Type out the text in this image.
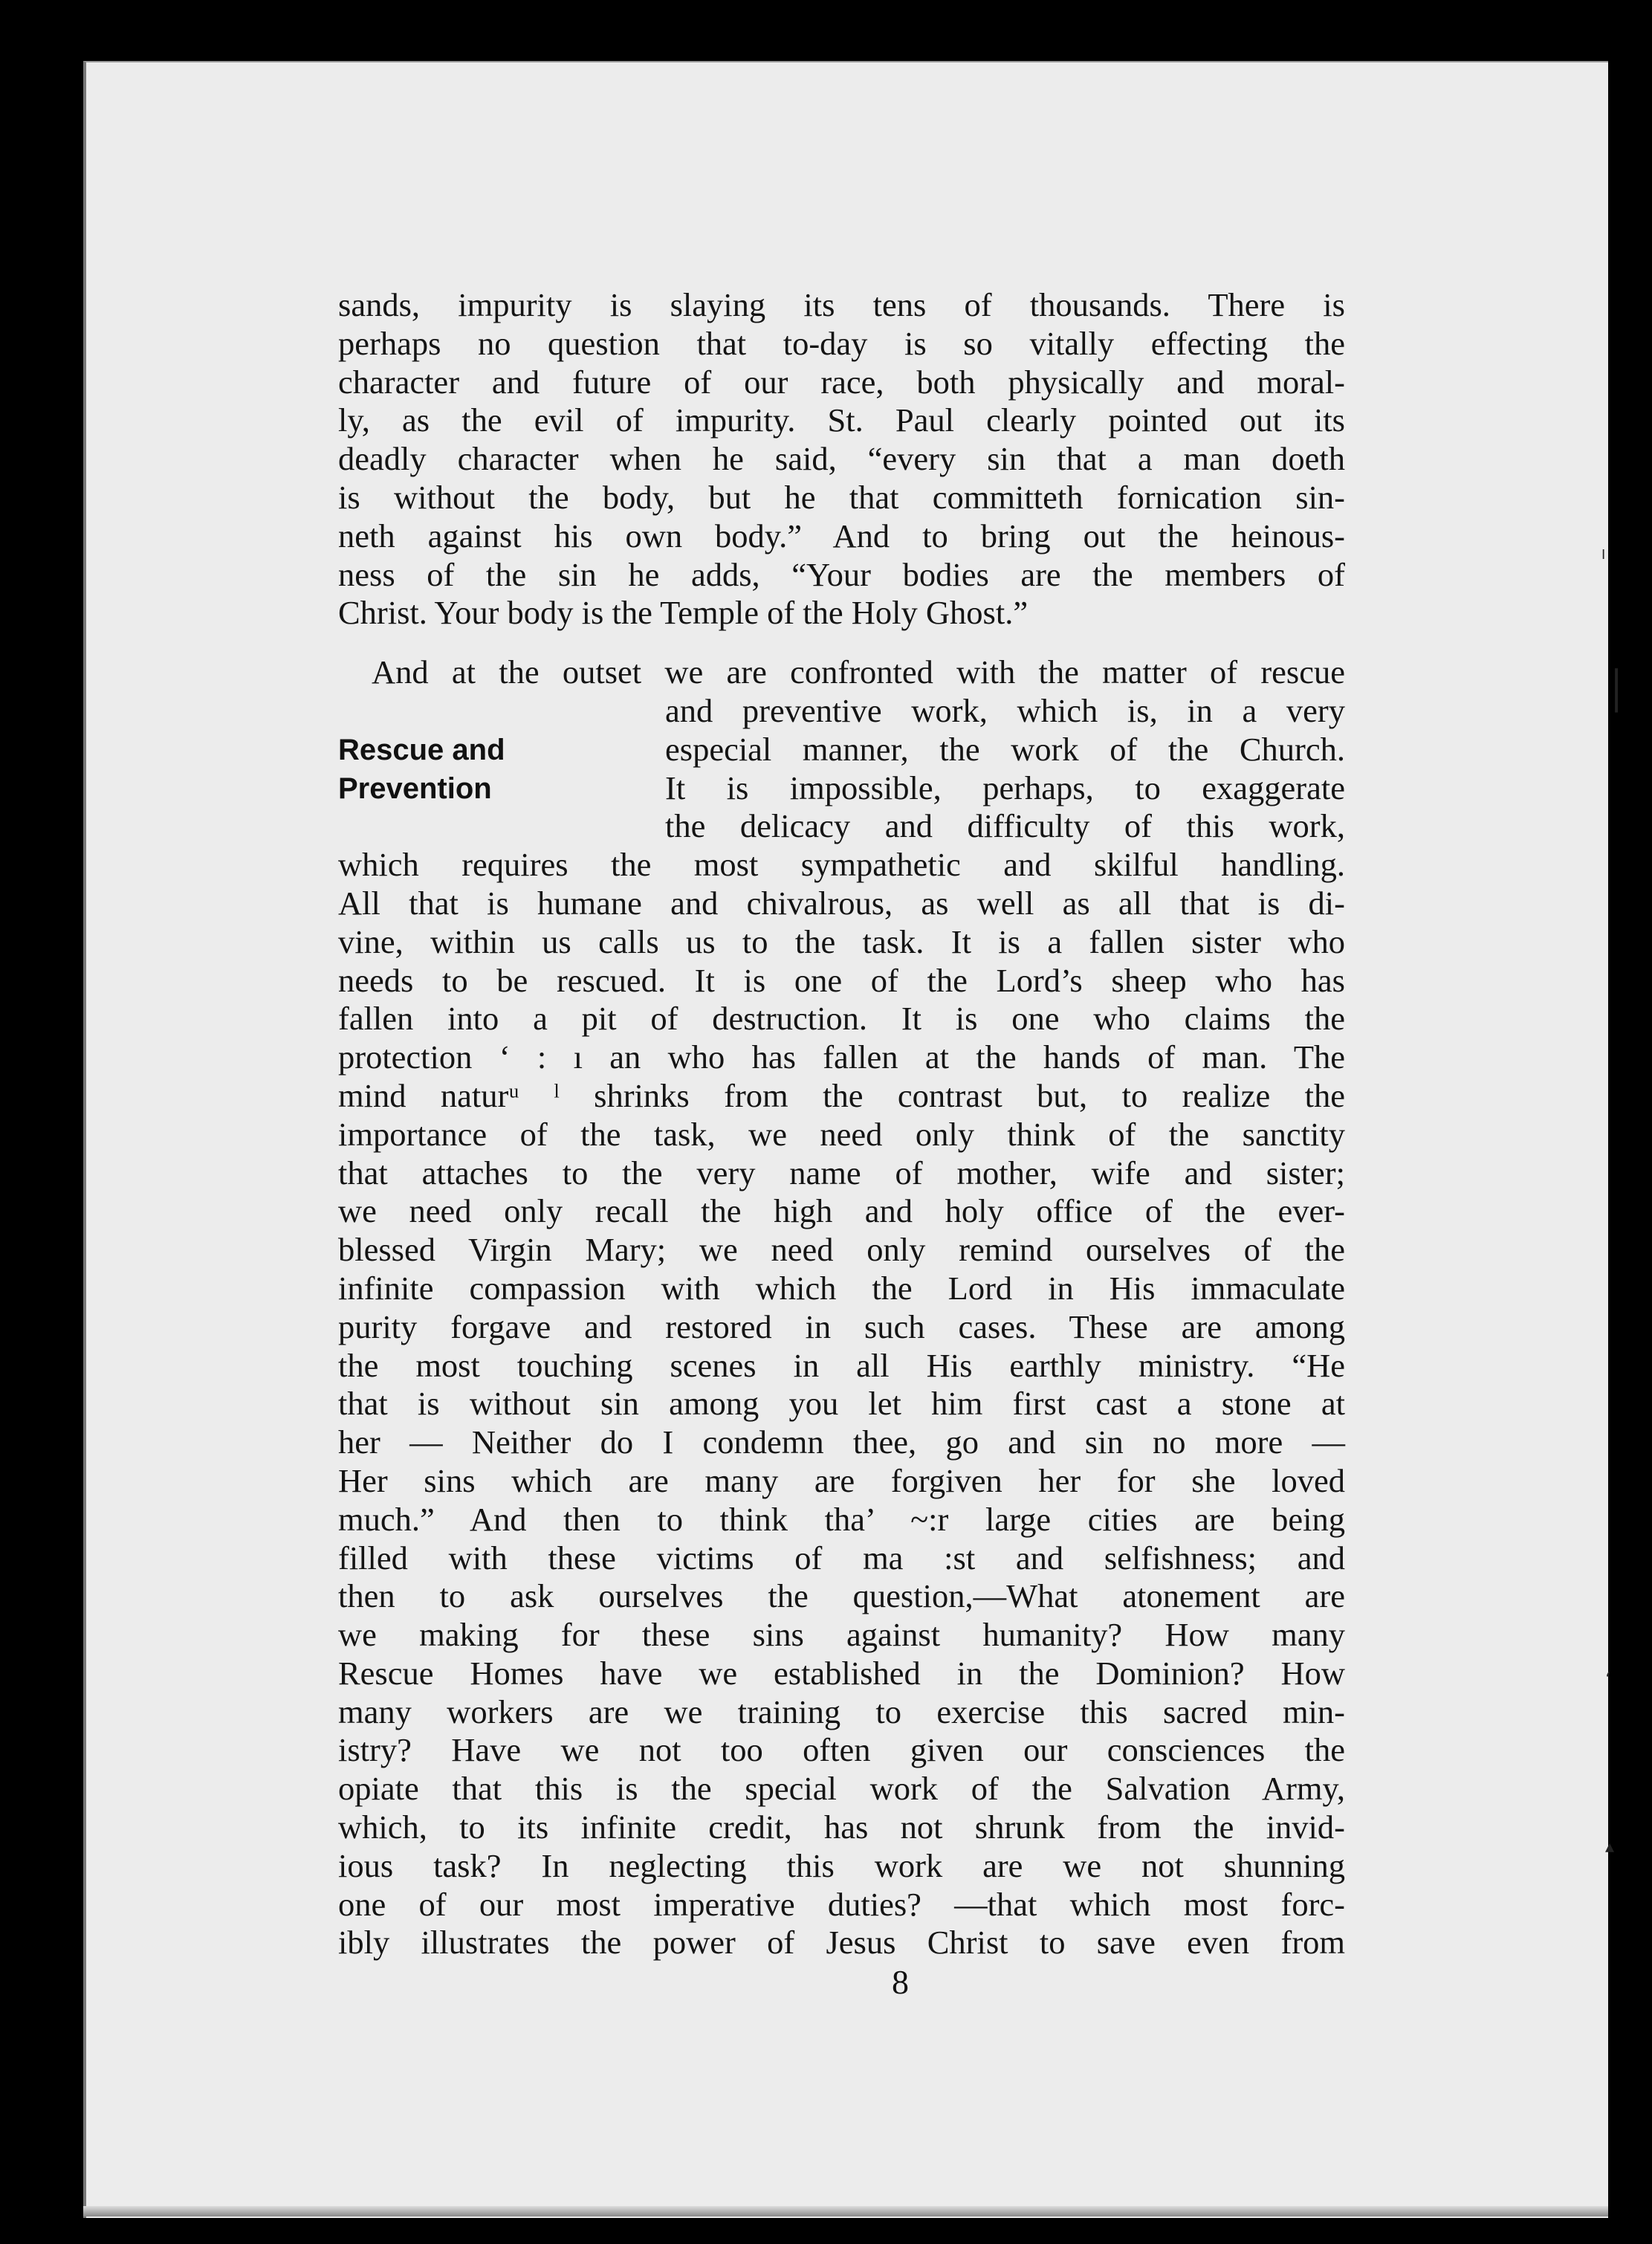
sands, impurity is slaying its tens of thousands. There is
perhaps no question that to-day is so vitally effecting the
character and future of our race, both physically and moral-
ly, as the evil of impurity. St. Paul clearly pointed out its
deadly character when he said, “every sin that a man doeth
is without the body, but he that committeth fornication sin-
neth against his own body.” And to bring out the heinous-
ness of the sin he adds, “Your bodies are the members of
Christ. Your body is the Temple of the Holy Ghost.”
And at the outset we are confronted with the matter of rescue
Rescue and
Prevention
and preventive work, which is, in a very
especial manner, the work of the Church.
It is impossible, perhaps, to exaggerate
the delicacy and difficulty of this work,
which requires the most sympathetic and skilful handling.
All that is humane and chivalrous, as well as all that is di-
vine, within us calls us to the task. It is a fallen sister who
needs to be rescued. It is one of the Lord’s sheep who has
fallen into a pit of destruction. It is one who claims the
protection ‘ : ı an who has fallen at the hands of man. The
mind naturᵘ ˡ shrinks from the contrast but, to realize the
importance of the task, we need only think of the sanctity
that attaches to the very name of mother, wife and sister;
we need only recall the high and holy office of the ever-
blessed Virgin Mary; we need only remind ourselves of the
infinite compassion with which the Lord in His immaculate
purity forgave and restored in such cases. These are among
the most touching scenes in all His earthly ministry. “He
that is without sin among you let him first cast a stone at
her — Neither do I condemn thee, go and sin no more —
Her sins which are many are forgiven her for she loved
much.” And then to think tha’ ~:r large cities are being
filled with these victims of ma :st and selfishness; and
then to ask ourselves the question,—What atonement are
we making for these sins against humanity? How many
Rescue Homes have we established in the Dominion? How
many workers are we training to exercise this sacred min-
istry? Have we not too often given our consciences the
opiate that this is the special work of the Salvation Army,
which, to its infinite credit, has not shrunk from the invid-
ious task? In neglecting this work are we not shunning
one of our most imperative duties? —that which most forc-
ibly illustrates the power of Jesus Christ to save even from
8
ˡ
│
ʻ
▴
